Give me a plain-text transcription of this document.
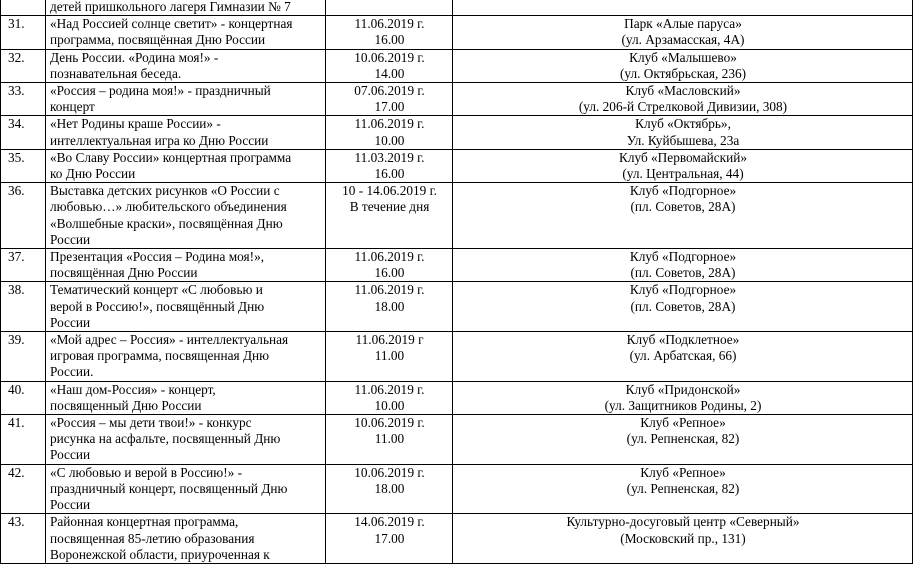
	детей пришкольного лагеря Гимназии № 7		

31.	«Над Россией солнце светит» - концертная
программа, посвящённая Дню России	11.06.2019 г.
16.00	Парк «Алые паруса»
(ул. Арзамасская, 4А)

32.	День России. «Родина моя!» -
познавательная беседа.	10.06.2019 г.
14.00	Клуб «Малышево»
(ул. Октябрьская, 236)

33.	«Россия – родина моя!» - праздничный
концерт	07.06.2019 г.
17.00	Клуб «Масловский»
(ул. 206-й Стрелковой Дивизии, 308)

34.	«Нет Родины краше России» -
интеллектуальная игра ко Дню России	11.06.2019 г.
10.00	Клуб «Октябрь»,
Ул. Куйбышева, 23а

35.	«Во Славу России» концертная программа
ко Дню России	11.03.2019 г.
16.00	Клуб «Первомайский»
(ул. Центральная, 44)

36.	Выставка детских рисунков «О России с
любовью…» любительского объединения
«Волшебные краски», посвящённая Дню
России	10 - 14.06.2019 г.
В течение дня	Клуб «Подгорное»
(пл. Советов, 28А)

37.	Презентация «Россия – Родина моя!»,
посвящённая Дню России	11.06.2019 г.
16.00	Клуб «Подгорное»
(пл. Советов, 28А)

38.	Тематический концерт «С любовью и
верой в Россию!», посвящённый Дню
России	11.06.2019 г.
18.00	Клуб «Подгорное»
(пл. Советов, 28А)

39.	«Мой адрес – Россия» - интеллектуальная
игровая программа, посвященная Дню
России.	11.06.2019 г
11.00	Клуб «Подклетное»
(ул. Арбатская, 66)

40.	«Наш дом-Россия» - концерт,
посвященный Дню России	11.06.2019 г.
10.00	Клуб «Придонской»
(ул. Защитников Родины, 2)

41.	«Россия – мы дети твои!» - конкурс
рисунка на асфальте, посвященный Дню
России	10.06.2019 г.
11.00	Клуб «Репное»
(ул. Репненская, 82)

42.	«С любовью и верой в Россию!» -
праздничный концерт, посвященный Дню
России	10.06.2019 г.
18.00	Клуб «Репное»
(ул. Репненская, 82)

43.	Районная концертная программа,
посвященная 85-летию образования
Воронежской области, приуроченная к	14.06.2019 г.
17.00	Культурно-досуговый центр «Северный»
(Московский пр., 131)
